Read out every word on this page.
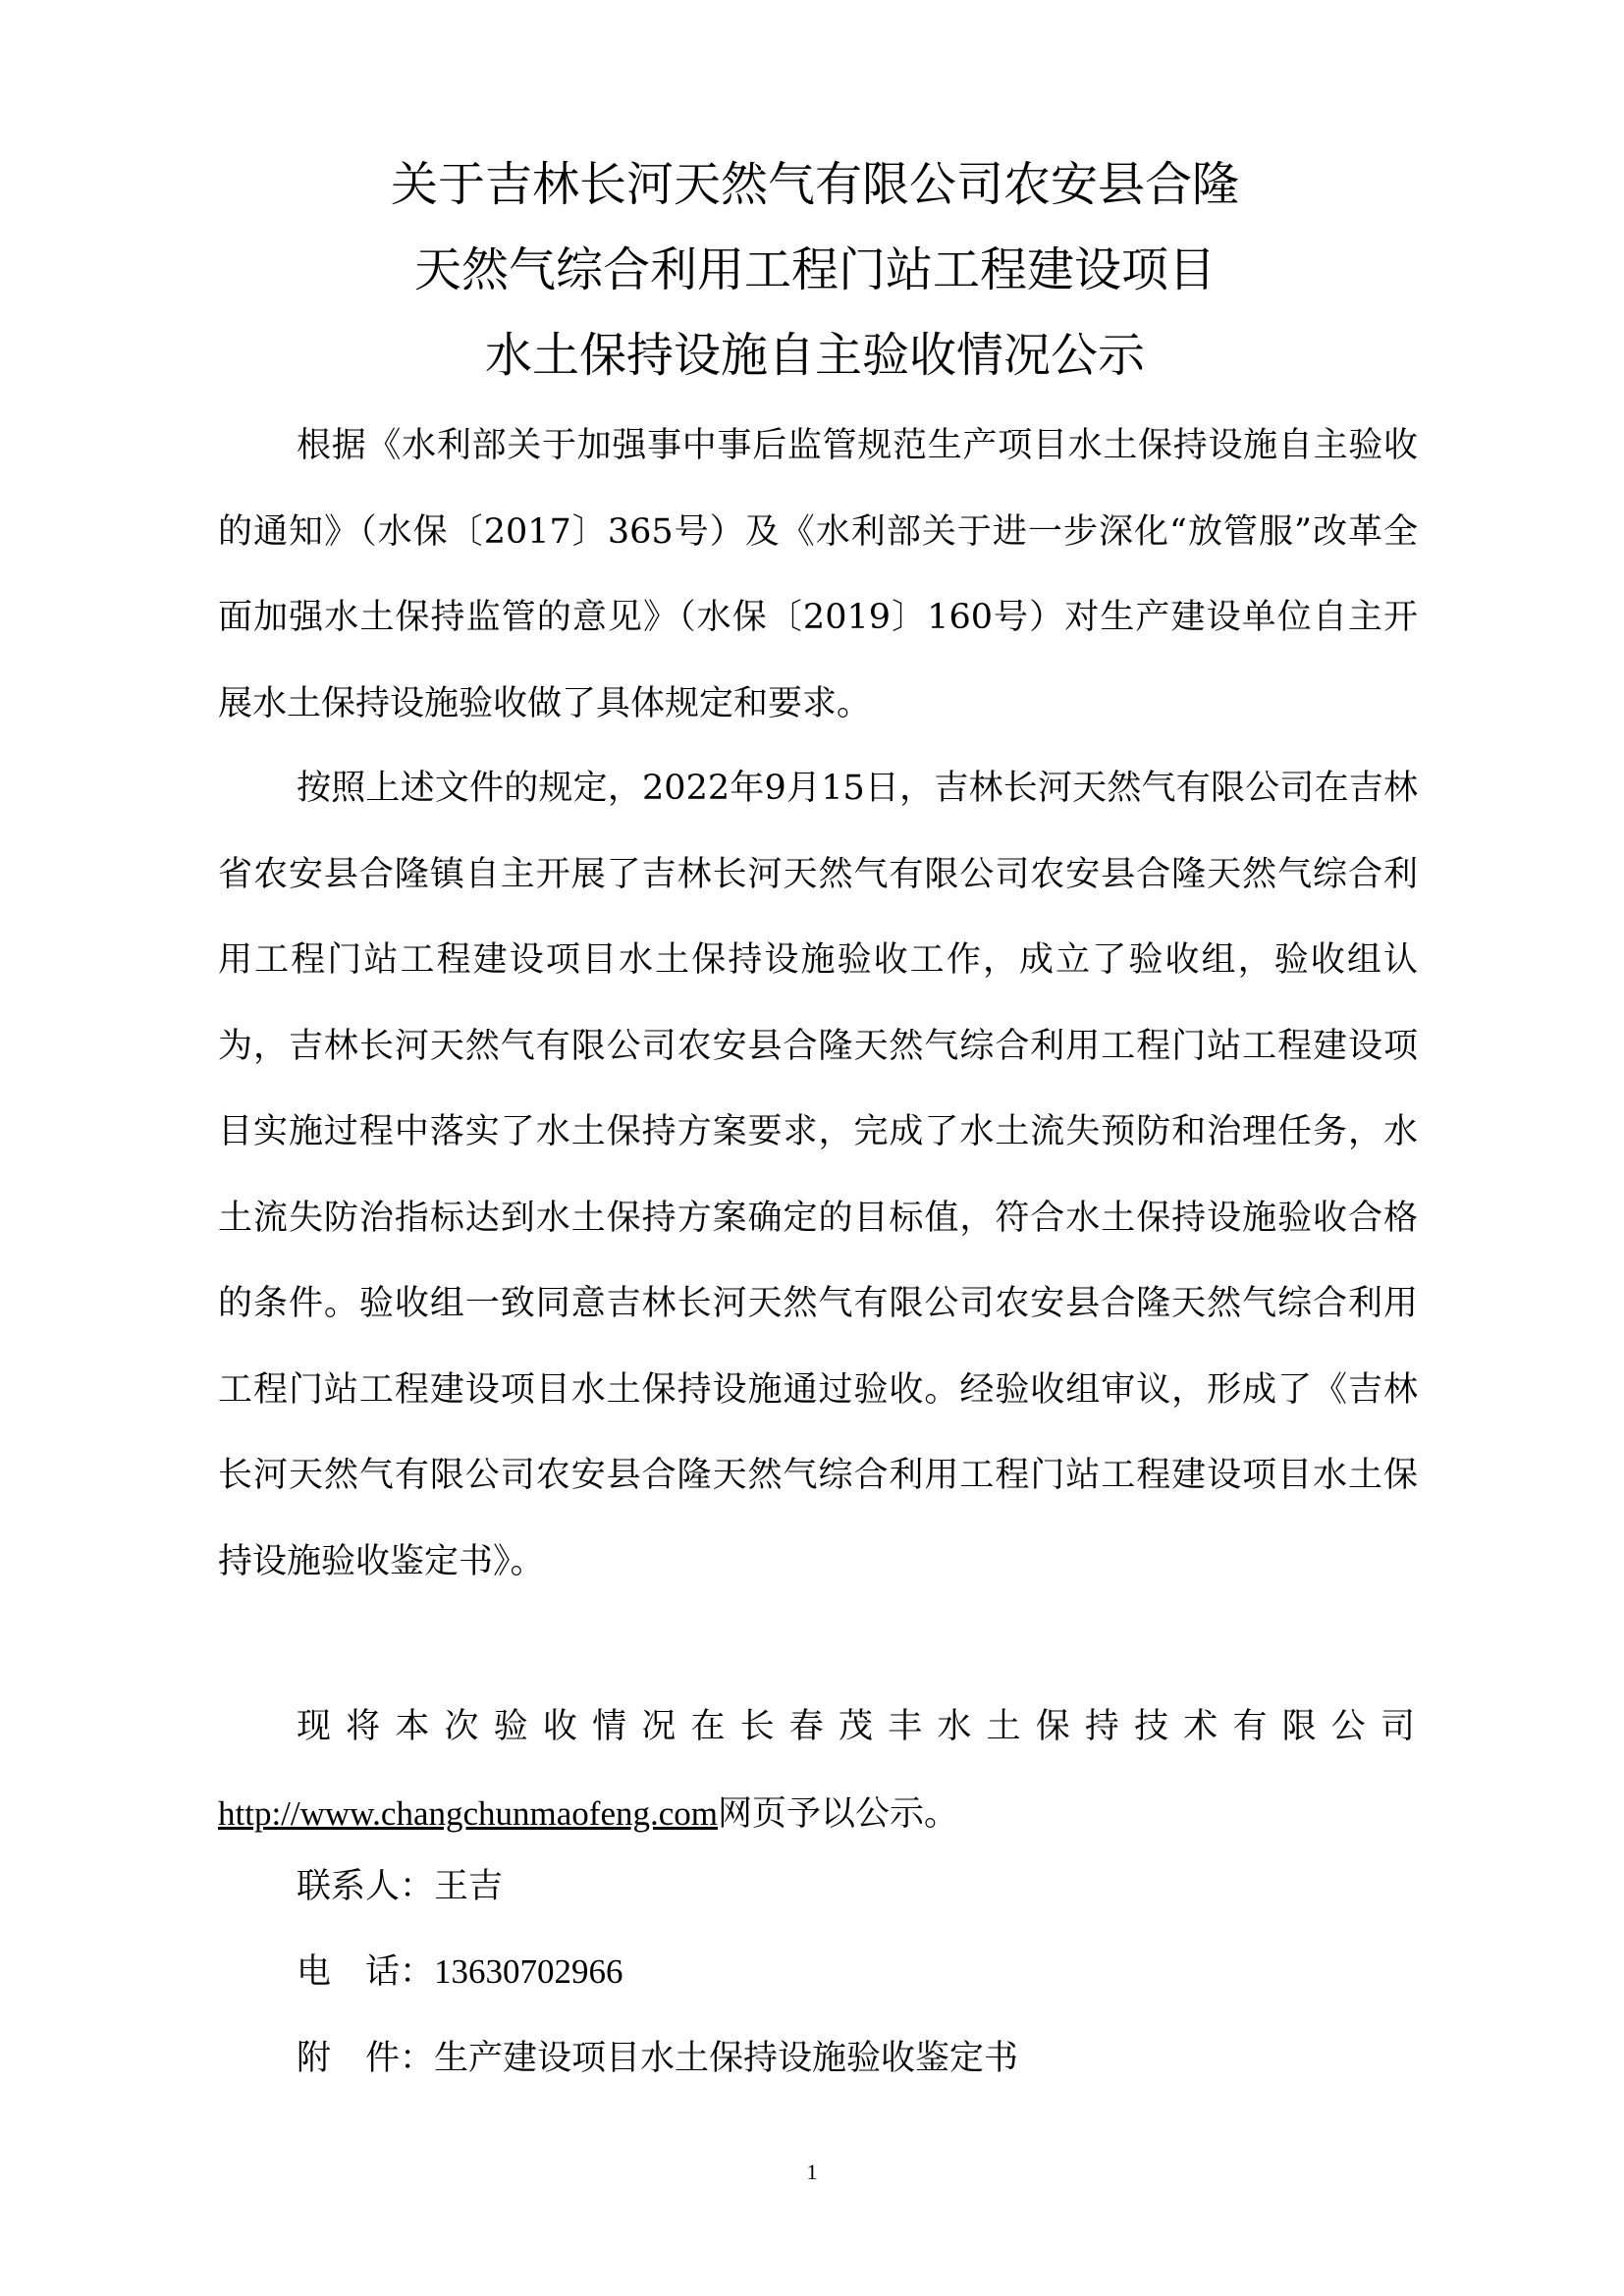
关于吉林长河天然气有限公司农安县合隆
天然气综合利用工程门站工程建设项目
水土保持设施自主验收情况公示

根据《水利部关于加强事中事后监管规范生产项目水土保持设施自主验收的通知》（水保〔2017〕365号）及《水利部关于进一步深化“放管服”改革全面加强水土保持监管的意见》（水保〔2019〕160号）对生产建设单位自主开展水土保持设施验收做了具体规定和要求。

按照上述文件的规定，2022年9月15日，吉林长河天然气有限公司在吉林省农安县合隆镇自主开展了吉林长河天然气有限公司农安县合隆天然气综合利用工程门站工程建设项目水土保持设施验收工作，成立了验收组，验收组认为，吉林长河天然气有限公司农安县合隆天然气综合利用工程门站工程建设项目实施过程中落实了水土保持方案要求，完成了水土流失预防和治理任务，水土流失防治指标达到水土保持方案确定的目标值，符合水土保持设施验收合格的条件。验收组一致同意吉林长河天然气有限公司农安县合隆天然气综合利用工程门站工程建设项目水土保持设施通过验收。经验收组审议，形成了《吉林长河天然气有限公司农安县合隆天然气综合利用工程门站工程建设项目水土保持设施验收鉴定书》。

现将本次验收情况在长春茂丰水土保持技术有限公司
http://www.changchunmaofeng.com网页予以公示。

联系人：王吉
电　话：13630702966
附　件：生产建设项目水土保持设施验收鉴定书
1
